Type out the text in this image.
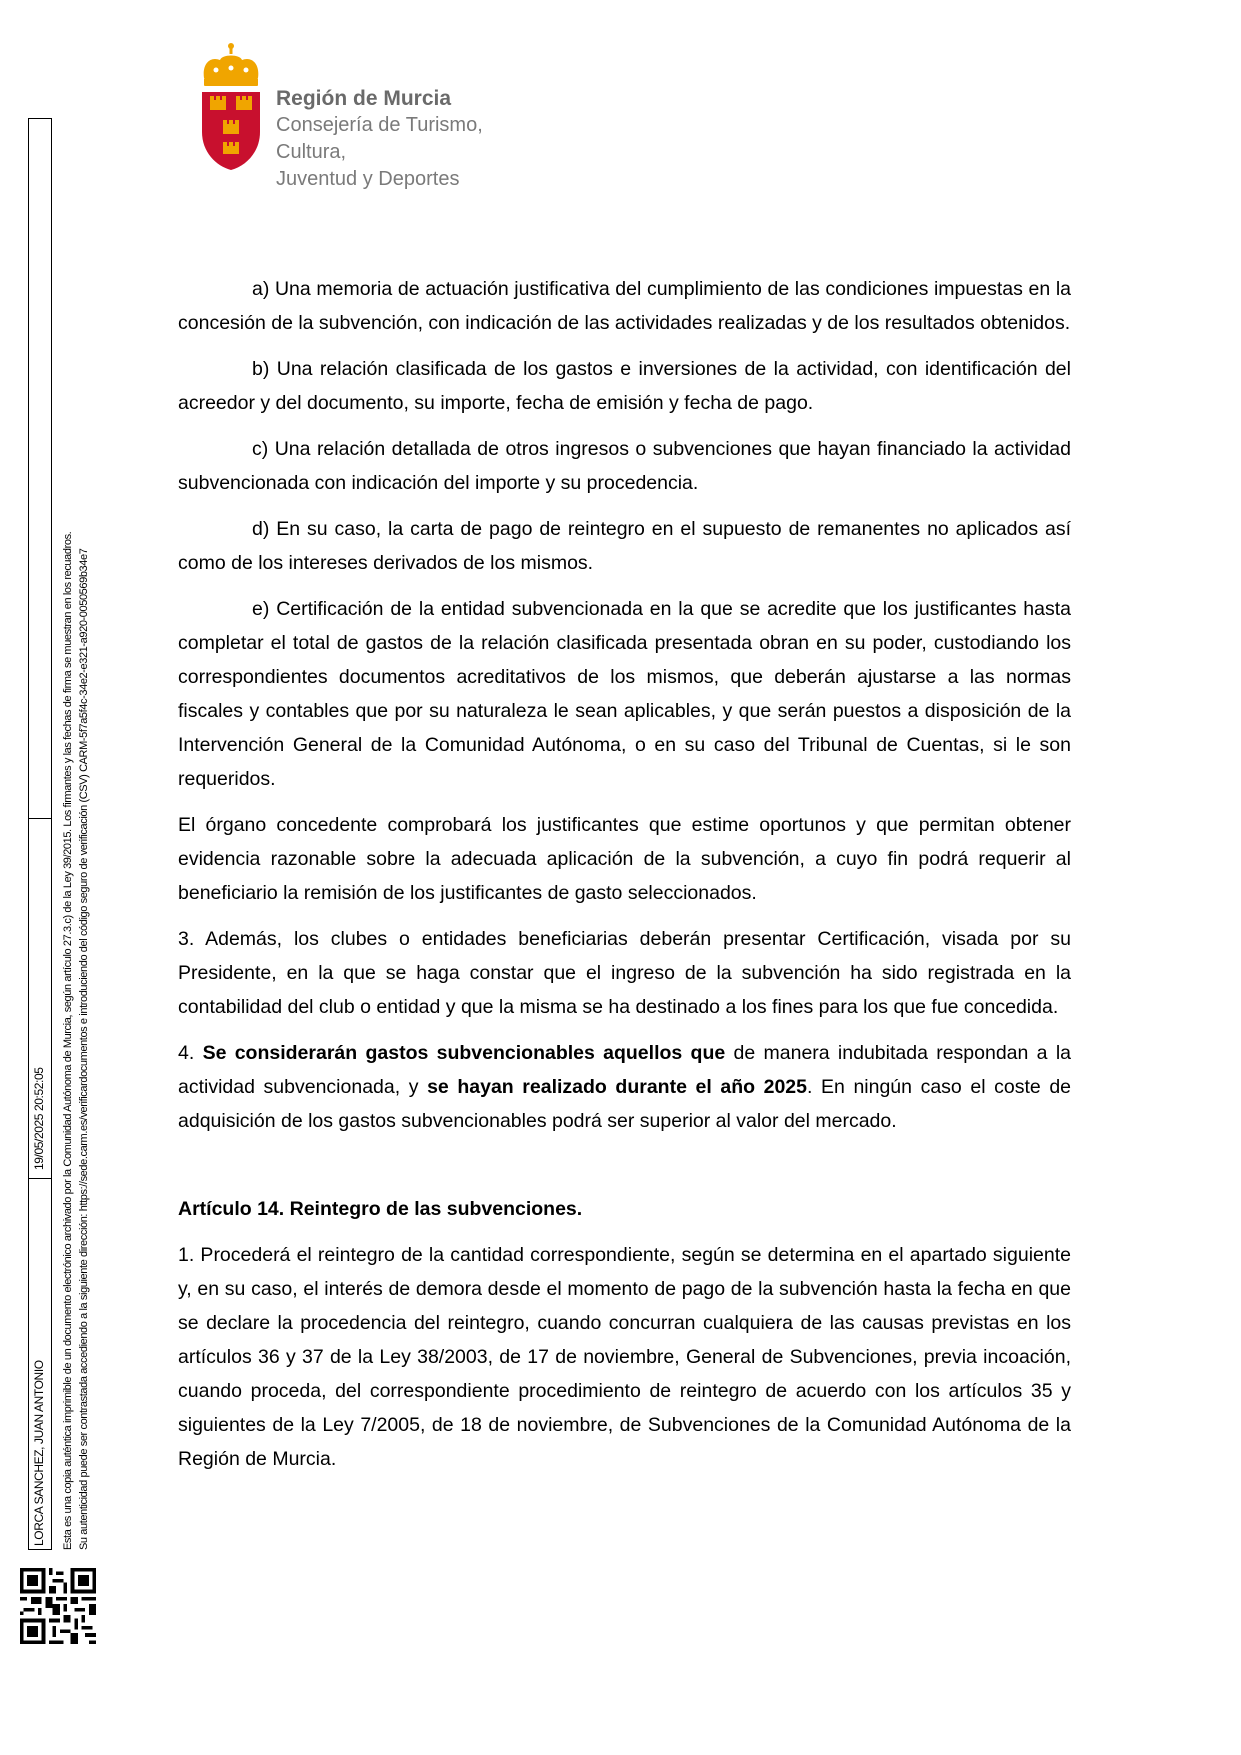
Región de Murcia
Consejería de Turismo, Cultura,
Juventud y Deportes
LORCA SANCHEZ, JUAN ANTONIO
19/05/2025 20:52:05 Esta es una copia auténtica imprimible de un documento electrónico archivado por la Comunidad Autónoma de Murcia, según artículo 27.3.c) de la Ley 39/2015. Los firmantes y las fechas de firma se muestran en los recuadros. Su autenticidad puede ser contrastada accediendo a la siguiente dirección: https://sede.carm.es/verificardocumentos e introduciendo del código seguro de verificación (CSV) CARM-5f7a5f4c-34e2-e321-a920-0050569b34e7

a) Una memoria de actuación justificativa del cumplimiento de las condiciones impuestas en la concesión de la subvención, con indicación de las actividades realizadas y de los resultados obtenidos.

b) Una relación clasificada de los gastos e inversiones de la actividad, con identificación del acreedor y del documento, su importe, fecha de emisión y fecha de pago.

c) Una relación detallada de otros ingresos o subvenciones que hayan financiado la actividad subvencionada con indicación del importe y su procedencia.

d) En su caso, la carta de pago de reintegro en el supuesto de remanentes no aplicados así como de los intereses derivados de los mismos.

e) Certificación de la entidad subvencionada en la que se acredite que los justificantes hasta completar el total de gastos de la relación clasificada presentada obran en su poder, custodiando los correspondientes documentos acreditativos de los mismos, que deberán ajustarse a las normas fiscales y contables que por su naturaleza le sean aplicables, y que serán puestos a disposición de la Intervención General de la Comunidad Autónoma, o en su caso del Tribunal de Cuentas, si le son requeridos.

El órgano concedente comprobará los justificantes que estime oportunos y que permitan obtener evidencia razonable sobre la adecuada aplicación de la subvención, a cuyo fin podrá requerir al beneficiario la remisión de los justificantes de gasto seleccionados.

3. Además, los clubes o entidades beneficiarias deberán presentar Certificación, visada por su Presidente, en la que se haga constar que el ingreso de la subvención ha sido registrada en la contabilidad del club o entidad y que la misma se ha destinado a los fines para los que fue concedida.

4. Se considerarán gastos subvencionables aquellos que de manera indubitada respondan a la actividad subvencionada, y se hayan realizado durante el año 2025. En ningún caso el coste de adquisición de los gastos subvencionables podrá ser superior al valor del mercado.

Artículo 14. Reintegro de las subvenciones.

1. Procederá el reintegro de la cantidad correspondiente, según se determina en el apartado siguiente y, en su caso, el interés de demora desde el momento de pago de la subvención hasta la fecha en que se declare la procedencia del reintegro, cuando concurran cualquiera de las causas previstas en los artículos 36 y 37 de la Ley 38/2003, de 17 de noviembre, General de Subvenciones, previa incoación, cuando proceda, del correspondiente procedimiento de reintegro de acuerdo con los artículos 35 y siguientes de la Ley 7/2005, de 18 de noviembre, de Subvenciones de la Comunidad Autónoma de la Región de Murcia.
